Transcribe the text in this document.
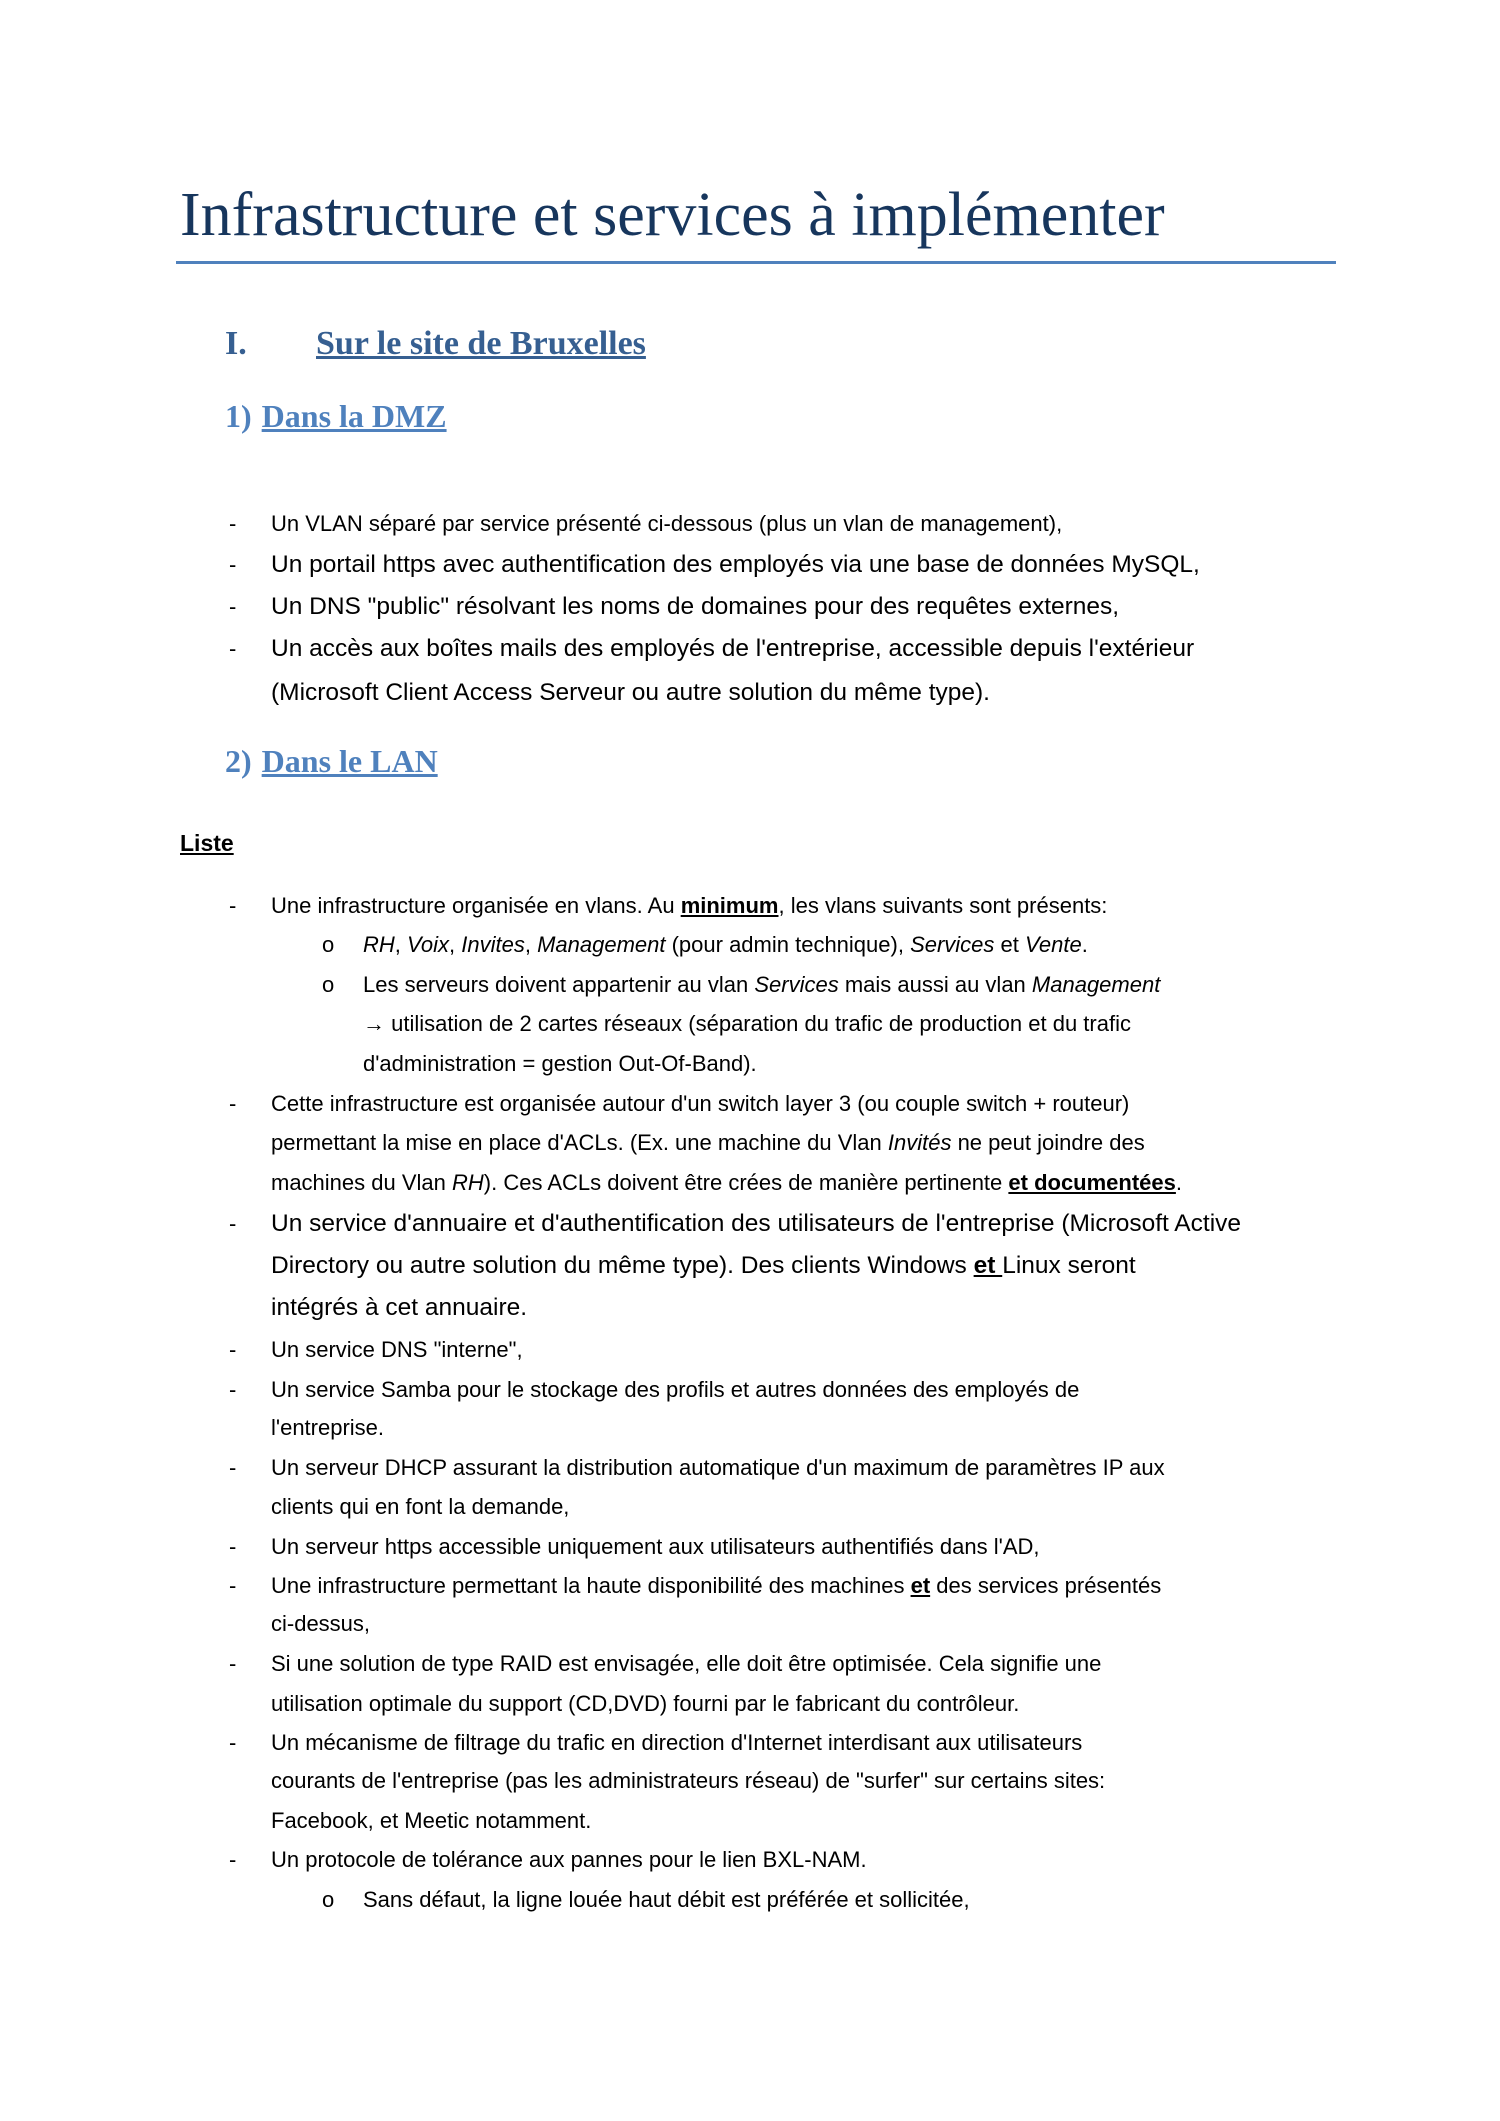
Infrastructure et services à implémenter
I. Sur le site de Bruxelles
1) Dans la DMZ
- Un VLAN séparé par service présenté ci-dessous (plus un vlan de management),
- Un portail https avec authentification des employés via une base de données MySQL,
- Un DNS "public" résolvant les noms de domaines pour des requêtes externes,
- Un accès aux boîtes mails des employés de l'entreprise, accessible depuis l'extérieur
(Microsoft Client Access Serveur ou autre solution du même type).
2) Dans le LAN
Liste
- Une infrastructure organisée en vlans. Au minimum, les vlans suivants sont présents:
o RH, Voix, Invites, Management (pour admin technique), Services et Vente.
o Les serveurs doivent appartenir au vlan Services mais aussi au vlan Management
→ utilisation de 2 cartes réseaux (séparation du trafic de production et du trafic
d'administration = gestion Out-Of-Band).
- Cette infrastructure est organisée autour d'un switch layer 3 (ou couple switch + routeur)
permettant la mise en place d'ACLs. (Ex. une machine du Vlan Invités ne peut joindre des
machines du Vlan RH). Ces ACLs doivent être crées de manière pertinente et documentées.
- Un service d'annuaire et d'authentification des utilisateurs de l'entreprise (Microsoft Active
Directory ou autre solution du même type). Des clients Windows et Linux seront
intégrés à cet annuaire.
- Un service DNS "interne",
- Un service Samba pour le stockage des profils et autres données des employés de
l'entreprise.
- Un serveur DHCP assurant la distribution automatique d'un maximum de paramètres IP aux
clients qui en font la demande,
- Un serveur https accessible uniquement aux utilisateurs authentifiés dans l'AD,
- Une infrastructure permettant la haute disponibilité des machines et des services présentés
ci-dessus,
- Si une solution de type RAID est envisagée, elle doit être optimisée. Cela signifie une
utilisation optimale du support (CD,DVD) fourni par le fabricant du contrôleur.
- Un mécanisme de filtrage du trafic en direction d'Internet interdisant aux utilisateurs
courants de l'entreprise (pas les administrateurs réseau) de "surfer" sur certains sites:
Facebook, et Meetic notamment.
- Un protocole de tolérance aux pannes pour le lien BXL-NAM.
o Sans défaut, la ligne louée haut débit est préférée et sollicitée,
